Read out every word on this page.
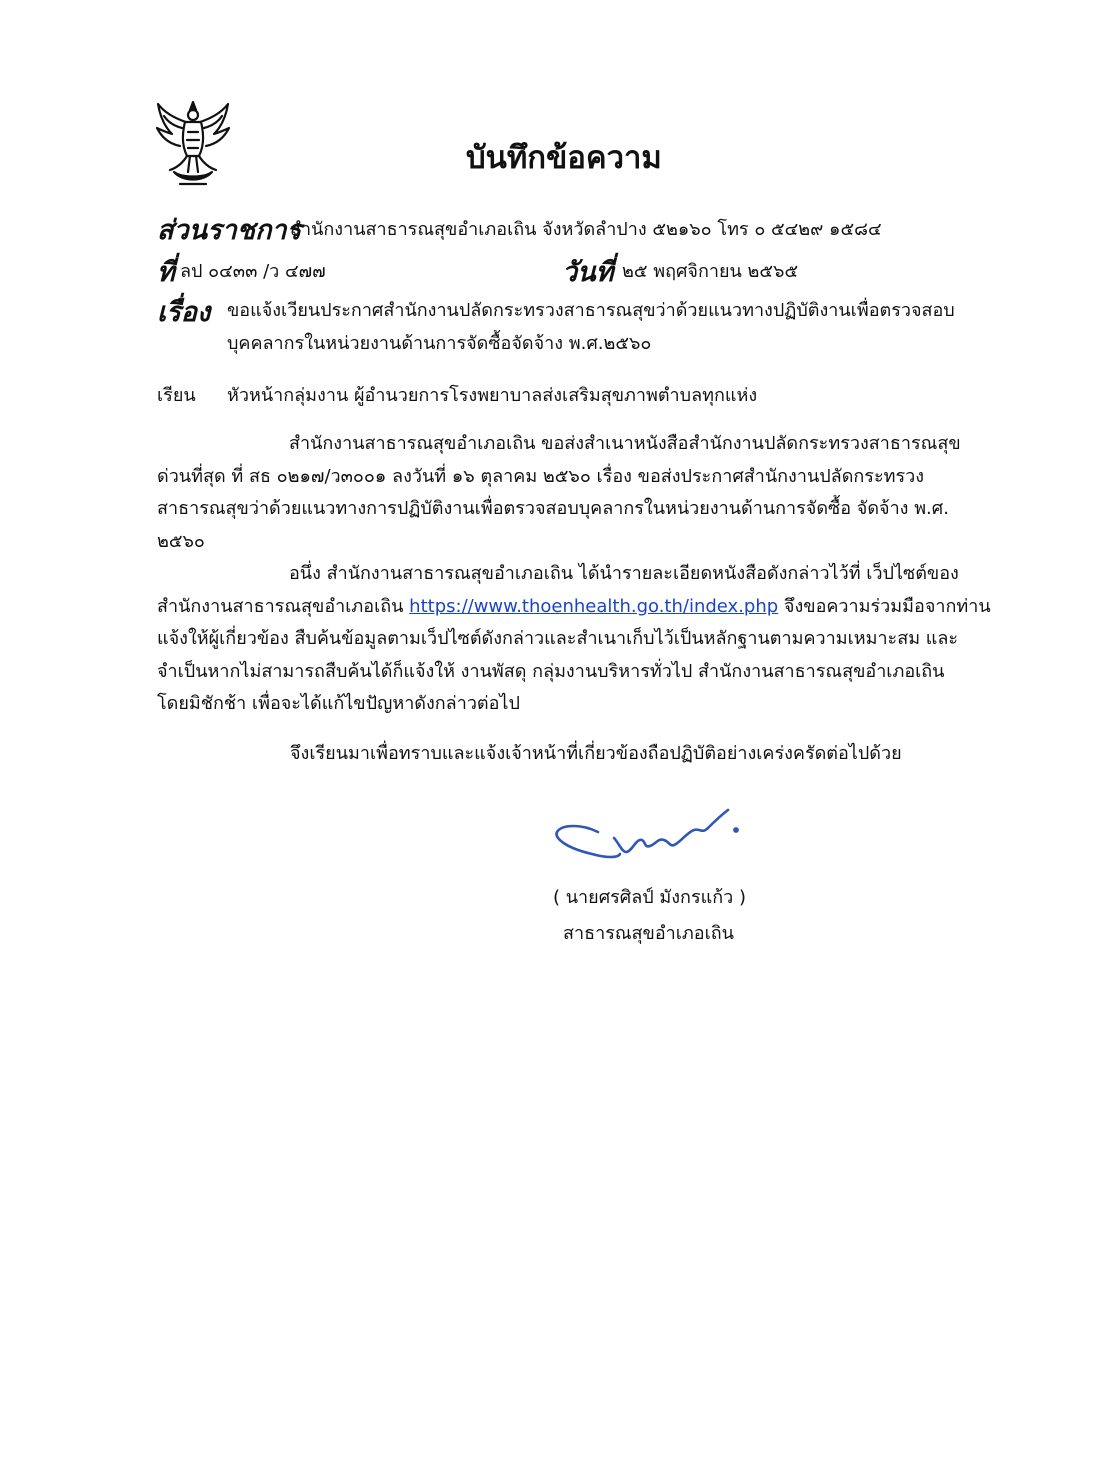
บันทึกข้อความ
ส่วนราชการ
สำนักงานสาธารณสุขอำเภอเถิน จังหวัดลำปาง ๕๒๑๖๐ โทร ๐ ๕๔๒๙ ๑๕๘๔
ที่ ลป ๐๔๓๓ /ว ๔๗๗	วันที่ ๒๕ พฤศจิกายน ๒๕๖๕
เรื่อง ขอแจ้งเวียนประกาศสำนักงานปลัดกระทรวงสาธารณสุขว่าด้วยแนวทางปฏิบัติงานเพื่อตรวจสอบ
บุคคลากรในหน่วยงานด้านการจัดซื้อจัดจ้าง พ.ศ.๒๕๖๐
เรียน หัวหน้ากลุ่มงาน ผู้อำนวยการโรงพยาบาลส่งเสริมสุขภาพตำบลทุกแห่ง
สำนักงานสาธารณสุขอำเภอเถิน ขอส่งสำเนาหนังสือสำนักงานปลัดกระทรวงสาธารณสุข
ด่วนที่สุด ที่ สธ ๐๒๑๗/ว๓๐๐๑ ลงวันที่ ๑๖ ตุลาคม ๒๕๖๐ เรื่อง ขอส่งประกาศสำนักงานปลัดกระทรวง
สาธารณสุขว่าด้วยแนวทางการปฏิบัติงานเพื่อตรวจสอบบุคลากรในหน่วยงานด้านการจัดซื้อ จัดจ้าง พ.ศ.
๒๕๖๐
อนึ่ง สำนักงานสาธารณสุขอำเภอเถิน ได้นำรายละเอียดหนังสือดังกล่าวไว้ที่ เว็ปไซต์ของ
สำนักงานสาธารณสุขอำเภอเถิน https://www.thoenhealth.go.th/index.php จึงขอความร่วมมือจากท่าน
แจ้งให้ผู้เกี่ยวข้อง สืบค้นข้อมูลตามเว็ปไซต์ดังกล่าวและสำเนาเก็บไว้เป็นหลักฐานตามความเหมาะสม และ
จำเป็นหากไม่สามารถสืบค้นได้ก็แจ้งให้ งานพัสดุ กลุ่มงานบริหารทั่วไป สำนักงานสาธารณสุขอำเภอเถิน
โดยมิชักช้า เพื่อจะได้แก้ไขปัญหาดังกล่าวต่อไป
จึงเรียนมาเพื่อทราบและแจ้งเจ้าหน้าที่เกี่ยวข้องถือปฏิบัติอย่างเคร่งครัดต่อไปด้วย
( นายศรศิลป์ มังกรแก้ว )
สาธารณสุขอำเภอเถิน
